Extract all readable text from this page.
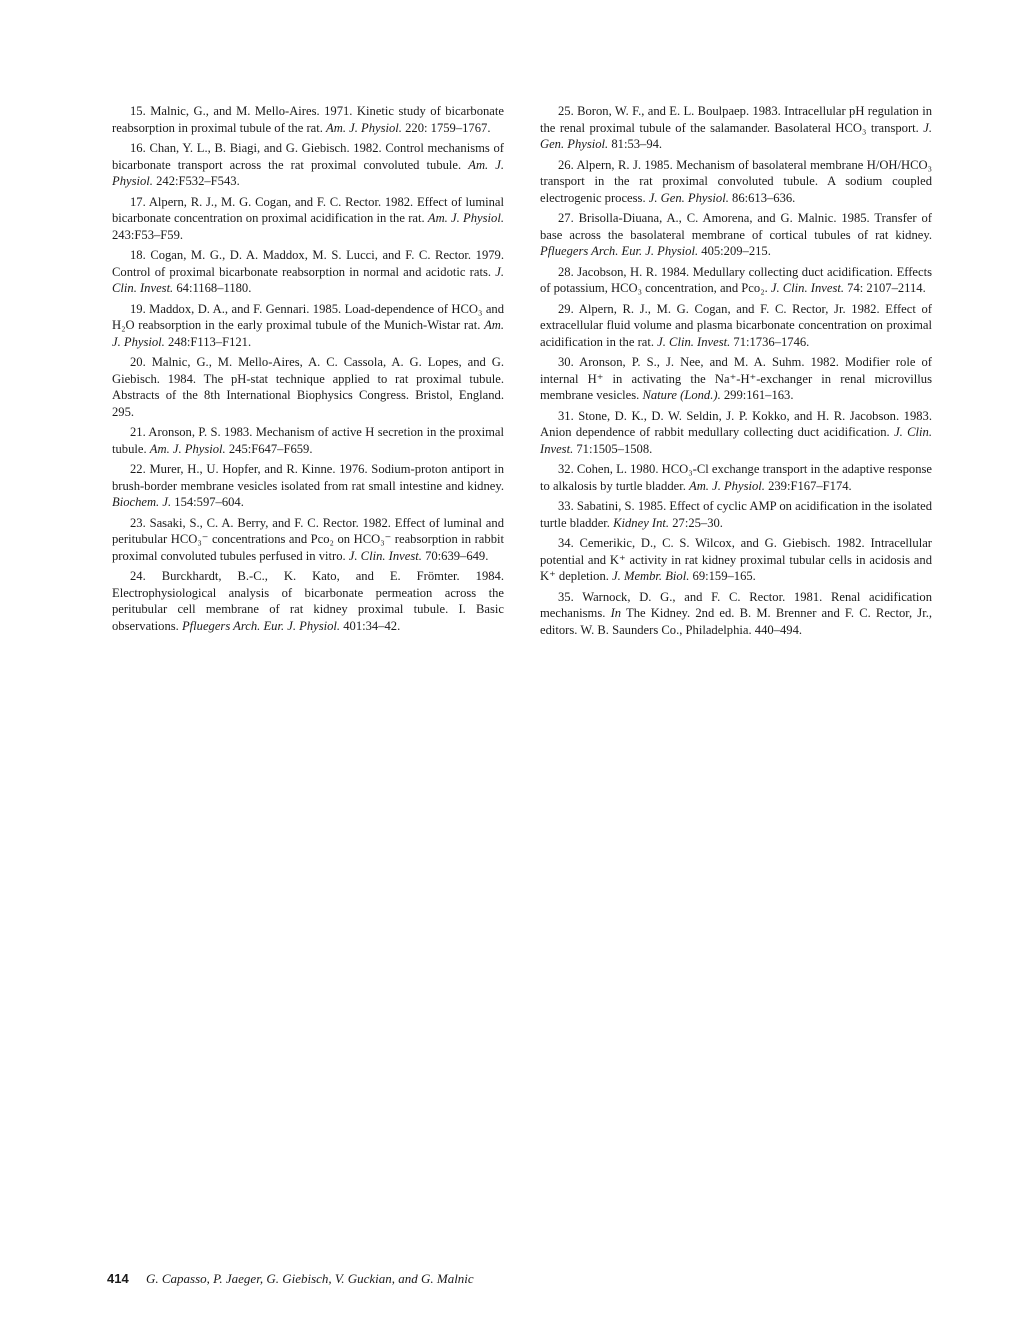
15. Malnic, G., and M. Mello-Aires. 1971. Kinetic study of bicarbonate reabsorption in proximal tubule of the rat. Am. J. Physiol. 220: 1759–1767.

16. Chan, Y. L., B. Biagi, and G. Giebisch. 1982. Control mechanisms of bicarbonate transport across the rat proximal convoluted tubule. Am. J. Physiol. 242:F532–F543.

17. Alpern, R. J., M. G. Cogan, and F. C. Rector. 1982. Effect of luminal bicarbonate concentration on proximal acidification in the rat. Am. J. Physiol. 243:F53–F59.

18. Cogan, M. G., D. A. Maddox, M. S. Lucci, and F. C. Rector. 1979. Control of proximal bicarbonate reabsorption in normal and acidotic rats. J. Clin. Invest. 64:1168–1180.

19. Maddox, D. A., and F. Gennari. 1985. Load-dependence of HCO₃ and H₂O reabsorption in the early proximal tubule of the Munich-Wistar rat. Am. J. Physiol. 248:F113–F121.

20. Malnic, G., M. Mello-Aires, A. C. Cassola, A. G. Lopes, and G. Giebisch. 1984. The pH-stat technique applied to rat proximal tubule. Abstracts of the 8th International Biophysics Congress. Bristol, England. 295.

21. Aronson, P. S. 1983. Mechanism of active H secretion in the proximal tubule. Am. J. Physiol. 245:F647–F659.

22. Murer, H., U. Hopfer, and R. Kinne. 1976. Sodium-proton antiport in brush-border membrane vesicles isolated from rat small intestine and kidney. Biochem. J. 154:597–604.

23. Sasaki, S., C. A. Berry, and F. C. Rector. 1982. Effect of luminal and peritubular HCO₃⁻ concentrations and Pco₂ on HCO₃⁻ reabsorption in rabbit proximal convoluted tubules perfused in vitro. J. Clin. Invest. 70:639–649.

24. Burckhardt, B.-C., K. Kato, and E. Frömter. 1984. Electrophysiological analysis of bicarbonate permeation across the peritubular cell membrane of rat kidney proximal tubule. I. Basic observations. Pfluegers Arch. Eur. J. Physiol. 401:34–42.

25. Boron, W. F., and E. L. Boulpaep. 1983. Intracellular pH regulation in the renal proximal tubule of the salamander. Basolateral HCO₃ transport. J. Gen. Physiol. 81:53–94.

26. Alpern, R. J. 1985. Mechanism of basolateral membrane H/OH/HCO₃ transport in the rat proximal convoluted tubule. A sodium coupled electrogenic process. J. Gen. Physiol. 86:613–636.

27. Brisolla-Diuana, A., C. Amorena, and G. Malnic. 1985. Transfer of base across the basolateral membrane of cortical tubules of rat kidney. Pfluegers Arch. Eur. J. Physiol. 405:209–215.

28. Jacobson, H. R. 1984. Medullary collecting duct acidification. Effects of potassium, HCO₃ concentration, and Pco₂. J. Clin. Invest. 74: 2107–2114.

29. Alpern, R. J., M. G. Cogan, and F. C. Rector, Jr. 1982. Effect of extracellular fluid volume and plasma bicarbonate concentration on proximal acidification in the rat. J. Clin. Invest. 71:1736–1746.

30. Aronson, P. S., J. Nee, and M. A. Suhm. 1982. Modifier role of internal H⁺ in activating the Na⁺-H⁺-exchanger in renal microvillus membrane vesicles. Nature (Lond.). 299:161–163.

31. Stone, D. K., D. W. Seldin, J. P. Kokko, and H. R. Jacobson. 1983. Anion dependence of rabbit medullary collecting duct acidification. J. Clin. Invest. 71:1505–1508.

32. Cohen, L. 1980. HCO₃-Cl exchange transport in the adaptive response to alkalosis by turtle bladder. Am. J. Physiol. 239:F167–F174.

33. Sabatini, S. 1985. Effect of cyclic AMP on acidification in the isolated turtle bladder. Kidney Int. 27:25–30.

34. Cemerikic, D., C. S. Wilcox, and G. Giebisch. 1982. Intracellular potential and K⁺ activity in rat kidney proximal tubular cells in acidosis and K⁺ depletion. J. Membr. Biol. 69:159–165.

35. Warnock, D. G., and F. C. Rector. 1981. Renal acidification mechanisms. In The Kidney. 2nd ed. B. M. Brenner and F. C. Rector, Jr., editors. W. B. Saunders Co., Philadelphia. 440–494.

414 G. Capasso, P. Jaeger, G. Giebisch, V. Guckian, and G. Malnic
